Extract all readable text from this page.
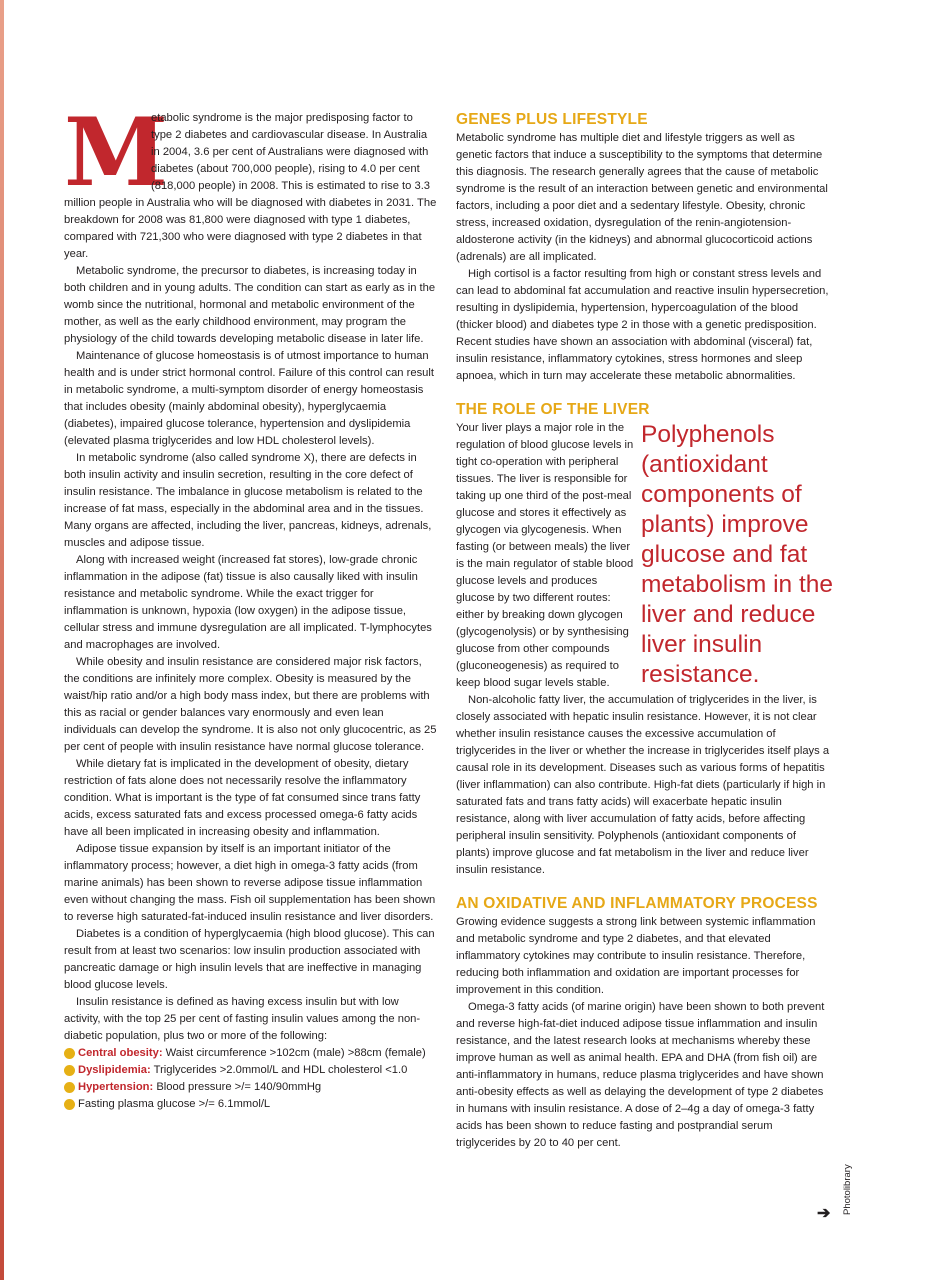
M
etabolic syndrome is the major predisposing factor to type 2 diabetes and cardiovascular disease. In Australia in 2004, 3.6 per cent of Australians were diagnosed with diabetes (about 700,000 people), rising to 4.0 per cent (818,000 people) in 2008. This is estimated to rise to 3.3 million people in Australia who will be diagnosed with diabetes in 2031. The breakdown for 2008 was 81,800 were diagnosed with type 1 diabetes, compared with 721,300 who were diagnosed with type 2 diabetes in that year.

Metabolic syndrome, the precursor to diabetes, is increasing today in both children and in young adults. The condition can start as early as in the womb since the nutritional, hormonal and metabolic environment of the mother, as well as the early childhood environment, may program the physiology of the child towards developing metabolic disease in later life.

Maintenance of glucose homeostasis is of utmost importance to human health and is under strict hormonal control. Failure of this control can result in metabolic syndrome, a multi-symptom disorder of energy homeostasis that includes obesity (mainly abdominal obesity), hyperglycaemia (diabetes), impaired glucose tolerance, hypertension and dyslipidemia (elevated plasma triglycerides and low HDL cholesterol levels).

In metabolic syndrome (also called syndrome X), there are defects in both insulin activity and insulin secretion, resulting in the core defect of insulin resistance. The imbalance in glucose metabolism is related to the increase of fat mass, especially in the abdominal area and in the tissues. Many organs are affected, including the liver, pancreas, kidneys, adrenals, muscles and adipose tissue.

Along with increased weight (increased fat stores), low-grade chronic inflammation in the adipose (fat) tissue is also causally liked with insulin resistance and metabolic syndrome. While the exact trigger for inflammation is unknown, hypoxia (low oxygen) in the adipose tissue, cellular stress and immune dysregulation are all implicated. T-lymphocytes and macrophages are involved.

While obesity and insulin resistance are considered major risk factors, the conditions are infinitely more complex. Obesity is measured by the waist/hip ratio and/or a high body mass index, but there are problems with this as racial or gender balances vary enormously and even lean individuals can develop the syndrome. It is also not only glucocentric, as 25 per cent of people with insulin resistance have normal glucose tolerance.

While dietary fat is implicated in the development of obesity, dietary restriction of fats alone does not necessarily resolve the inflammatory condition. What is important is the type of fat consumed since trans fatty acids, excess saturated fats and excess processed omega-6 fatty acids have all been implicated in increasing obesity and inflammation.

Adipose tissue expansion by itself is an important initiator of the inflammatory process; however, a diet high in omega-3 fatty acids (from marine animals) has been shown to reverse adipose tissue inflammation even without changing the mass. Fish oil supplementation has been shown to reverse high saturated-fat-induced insulin resistance and liver disorders.

Diabetes is a condition of hyperglycaemia (high blood glucose). This can result from at least two scenarios: low insulin production associated with pancreatic damage or high insulin levels that are ineffective in managing blood glucose levels.

Insulin resistance is defined as having excess insulin but with low activity, with the top 25 per cent of fasting insulin values among the non-diabetic population, plus two or more of the following:

Central obesity: Waist circumference >102cm (male) >88cm (female)
Dyslipidemia: Triglycerides >2.0mmol/L and HDL cholesterol <1.0
Hypertension: Blood pressure >/= 140/90mmHg
Fasting plasma glucose >/= 6.1mmol/L
GENES PLUS LIFESTYLE

Metabolic syndrome has multiple diet and lifestyle triggers as well as genetic factors that induce a susceptibility to the symptoms that determine this diagnosis. The research generally agrees that the cause of metabolic syndrome is the result of an interaction between genetic and environmental factors, including a poor diet and a sedentary lifestyle. Obesity, chronic stress, increased oxidation, dysregulation of the renin-angiotension-aldosterone activity (in the kidneys) and abnormal glucocorticoid actions (adrenals) are all implicated.

High cortisol is a factor resulting from high or constant stress levels and can lead to abdominal fat accumulation and reactive insulin hypersecretion, resulting in dyslipidemia, hypertension, hypercoagulation of the blood (thicker blood) and diabetes type 2 in those with a genetic predisposition. Recent studies have shown an association with abdominal (visceral) fat, insulin resistance, inflammatory cytokines, stress hormones and sleep apnoea, which in turn may accelerate these metabolic abnormalities.

THE ROLE OF THE LIVER

Polyphenols (antioxidant components of plants) improve glucose and fat metabolism in the liver and reduce liver insulin resistance.
Your liver plays a major role in the regulation of blood glucose levels in tight co-operation with peripheral tissues. The liver is responsible for taking up one third of the post-meal glucose and stores it effectively as glycogen via glycogenesis. When fasting (or between meals) the liver is the main regulator of stable blood glucose levels and produces glucose by two different routes: either by breaking down glycogen (glycogenolysis) or by synthesising glucose from other compounds (gluconeogenesis) as required to keep blood sugar levels stable.

Non-alcoholic fatty liver, the accumulation of triglycerides in the liver, is closely associated with hepatic insulin resistance. However, it is not clear whether insulin resistance causes the excessive accumulation of triglycerides in the liver or whether the increase in triglycerides itself plays a causal role in its development. Diseases such as various forms of hepatitis (liver inflammation) can also contribute. High-fat diets (particularly if high in saturated fats and trans fatty acids) will exacerbate hepatic insulin resistance, along with liver accumulation of fatty acids, before affecting peripheral insulin sensitivity. Polyphenols (antioxidant components of plants) improve glucose and fat metabolism in the liver and reduce liver insulin resistance.

AN OXIDATIVE AND INFLAMMATORY PROCESS

Growing evidence suggests a strong link between systemic inflammation and metabolic syndrome and type 2 diabetes, and that elevated inflammatory cytokines may contribute to insulin resistance. Therefore, reducing both inflammation and oxidation are important processes for improvement in this condition.

Omega-3 fatty acids (of marine origin) have been shown to both prevent and reverse high-fat-diet induced adipose tissue inflammation and insulin resistance, and the latest research looks at mechanisms whereby these improve human as well as animal health. EPA and DHA (from fish oil) are anti-inflammatory in humans, reduce plasma triglycerides and have shown anti-obesity effects as well as delaying the development of type 2 diabetes in humans with insulin resistance. A dose of 2–4g a day of omega-3 fatty acids has been shown to reduce fasting and postprandial serum triglycerides by 20 to 40 per cent.

➔ Photolibrary
